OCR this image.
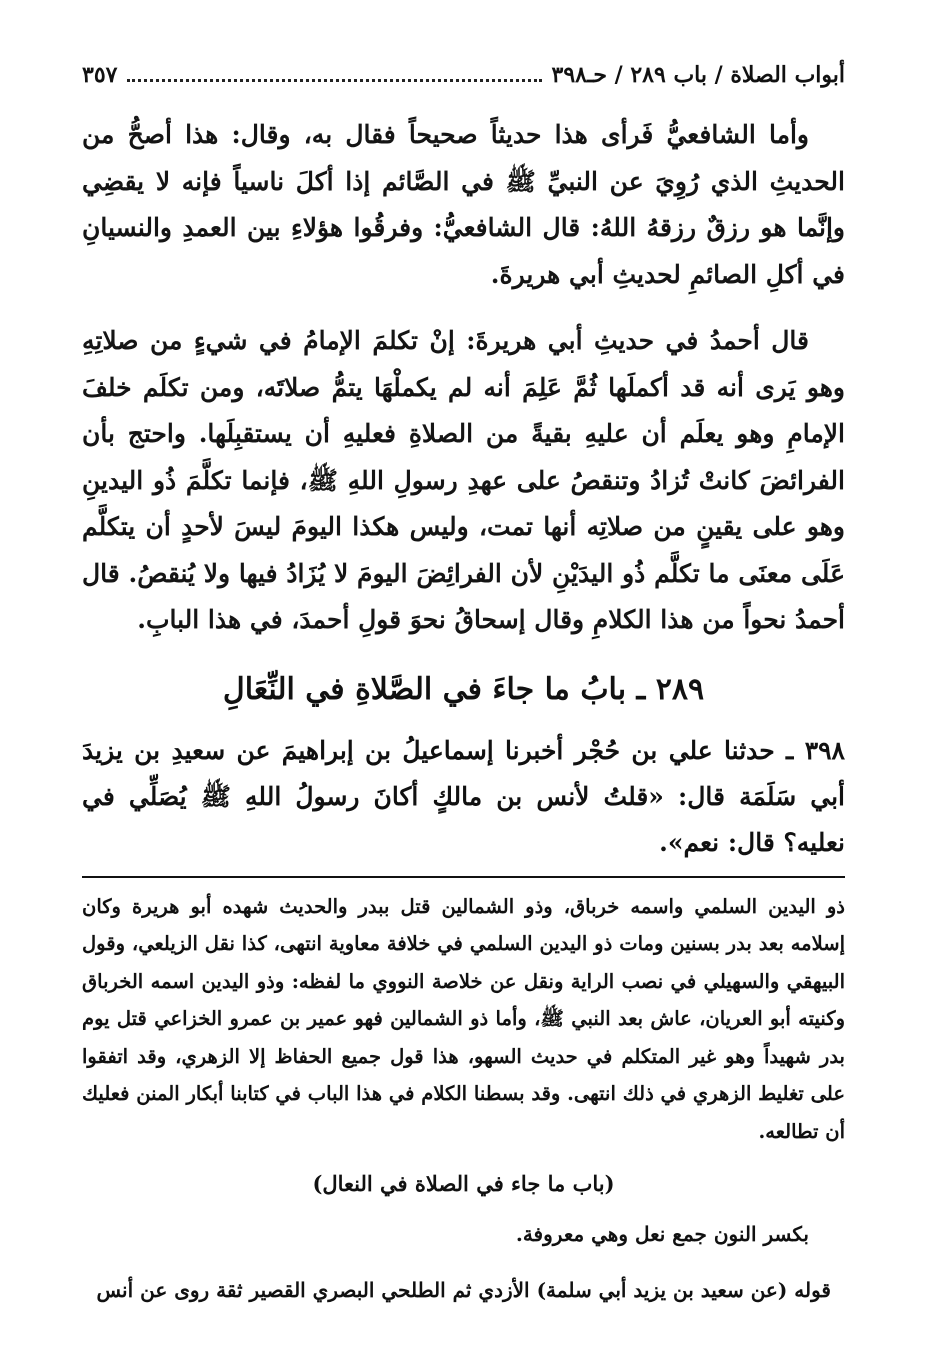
أبواب الصلاة / باب ٢٨٩ / حـ٣٩٨
٣٥٧

وأما الشافعيُّ فَرأى هذا حديثاً صحيحاً فقال به، وقال: هذا أصحُّ من الحديثِ الذي رُوِيَ عن النبيِّ ﷺ في الصَّائم إذا أكلَ ناسياً فإنه لا يقضِي وإنَّما هو رزقٌ رزقهُ اللهُ: قال الشافعيُّ: وفرقُوا هؤلاءِ بين العمدِ والنسيانِ في أكلِ الصائمِ لحديثِ أبي هريرةَ.

قال أحمدُ في حديثِ أبي هريرةَ: إنْ تكلمَ الإمامُ في شيءٍ من صلاتِهِ وهو يَرى أنه قد أكملَها ثُمَّ عَلِمَ أنه لم يكملْهَا يتمُّ صلاتَه، ومن تكلَم خلفَ الإمامِ وهو يعلَم أن عليهِ بقيةً من الصلاةِ فعليهِ أن يستقبِلَها. واحتج بأن الفرائضَ كانتْ تُزادُ وتنقصُ على عهدِ رسولِ اللهِ ﷺ، فإنما تكلَّمَ ذُو اليدينِ وهو على يقينٍ من صلاتِه أنها تمت، وليس هكذا اليومَ ليسَ لأحدٍ أن يتكلَّم عَلَى معنَى ما تكلَّم ذُو اليدَيْنِ لأن الفرائِضَ اليومَ لا يُزَادُ فيها ولا يُنقصُ. قال أحمدُ نحواً من هذا الكلامِ وقال إسحاقُ نحوَ قولِ أحمدَ، في هذا البابِ.

٢٨٩ ـ بابُ ما جاءَ في الصَّلاةِ في النِّعَالِ

٣٩٨ ـ حدثنا علي بن حُجْر أخبرنا إسماعيلُ بن إبراهيمَ عن سعيدِ بن يزيدَ أبي سَلَمَة قال: «قلتُ لأنس بن مالكٍ أكانَ رسولُ اللهِ ﷺ يُصَلِّي في نعليه؟ قال: نعم».

ذو اليدين السلمي واسمه خرباق، وذو الشمالين قتل ببدر والحديث شهده أبو هريرة وكان إسلامه بعد بدر بسنين ومات ذو اليدين السلمي في خلافة معاوية انتهى، كذا نقل الزيلعي، وقول البيهقي والسهيلي في نصب الراية ونقل عن خلاصة النووي ما لفظه: وذو اليدين اسمه الخرباق وكنيته أبو العريان، عاش بعد النبي ﷺ، وأما ذو الشمالين فهو عمير بن عمرو الخزاعي قتل يوم بدر شهيداً وهو غير المتكلم في حديث السهو، هذا قول جميع الحفاظ إلا الزهري، وقد اتفقوا على تغليط الزهري في ذلك انتهى. وقد بسطنا الكلام في هذا الباب في كتابنا أبكار المنن فعليك أن تطالعه.

(باب ما جاء في الصلاة في النعال)

بكسر النون جمع نعل وهي معروفة.

قوله (عن سعيد بن يزيد أبي سلمة) الأزدي ثم الطلحي البصري القصير ثقة روى عن أنس
